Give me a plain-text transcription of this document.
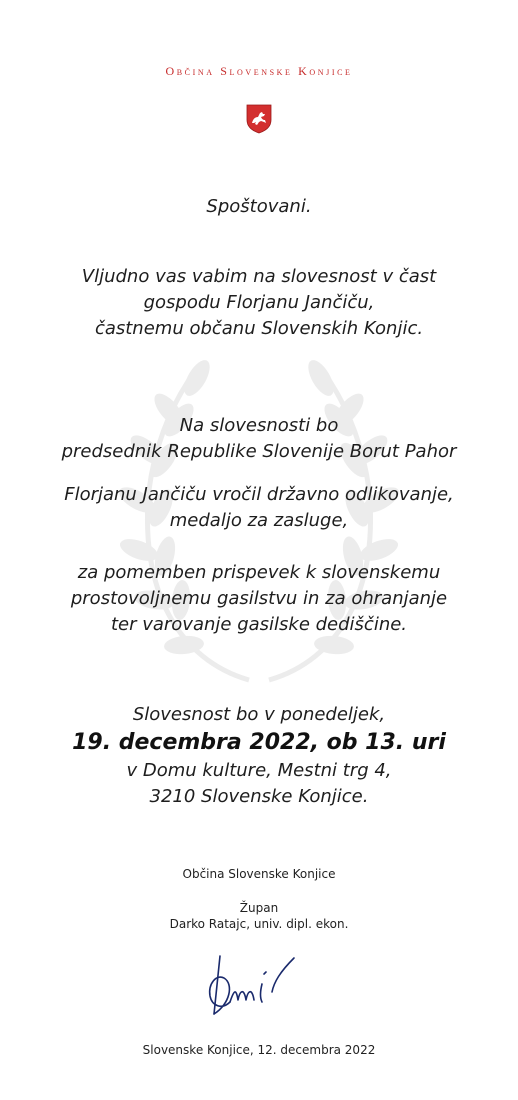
Občina Slovenske Konjice
Spoštovani.
Vljudno vas vabim na slovesnost v čast
gospodu Florjanu Jančiču,
častnemu občanu Slovenskih Konjic.
Na slovesnosti bo
predsednik Republike Slovenije Borut Pahor
Florjanu Jančiču vročil državno odlikovanje,
medaljo za zasluge,
za pomemben prispevek k slovenskemu
prostovoljnemu gasilstvu in za ohranjanje
ter varovanje gasilske dediščine.
Slovesnost bo v ponedeljek,
19. decembra 2022, ob 13. uri
v Domu kulture, Mestni trg 4,
3210 Slovenske Konjice.
Občina Slovenske Konjice
Župan
Darko Ratajc, univ. dipl. ekon.
Slovenske Konjice, 12. decembra 2022
